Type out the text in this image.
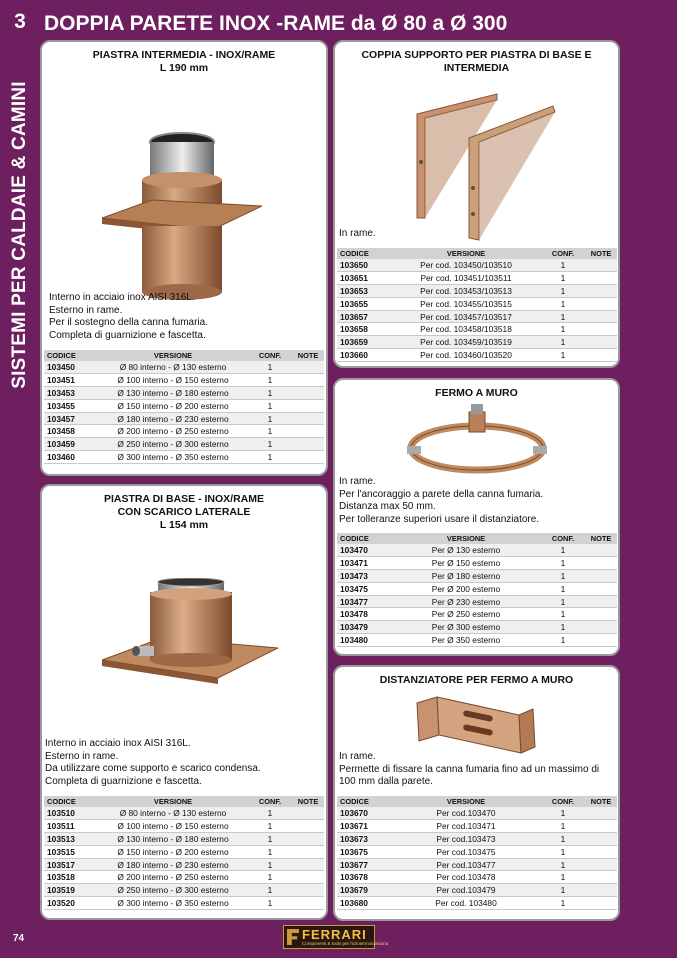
3
SISTEMI PER CALDAIE & CAMINI
DOPPIA PARETE INOX -RAME da Ø 80 a Ø 300
PIASTRA INTERMEDIA - INOX/RAME
L 190 mm
Interno in acciaio inox AISI 316L.
Esterno in rame.
Per il sostegno della canna fumaria.
Completa di guarnizione e fascetta.
CODICE	VERSIONE	CONF.	NOTE
103450	Ø 80 interno - Ø 130 esterno	1	
103451	Ø 100 interno - Ø 150 esterno	1	
103453	Ø 130 interno - Ø 180 esterno	1	
103455	Ø 150 interno - Ø 200 esterno	1	
103457	Ø 180 interno - Ø 230 esterno	1	
103458	Ø 200 interno - Ø 250 esterno	1	
103459	Ø 250 interno - Ø 300 esterno	1	
103460	Ø 300 interno - Ø 350 esterno	1	
PIASTRA DI BASE - INOX/RAME
CON SCARICO LATERALE
L 154 mm
Interno in acciaio inox AISI 316L.
Esterno in rame.
Da utilizzare come supporto e scarico condensa.
Completa di guarnizione e fascetta.
CODICE	VERSIONE	CONF.	NOTE
103510	Ø 80 interno - Ø 130 esterno	1	
103511	Ø 100 interno - Ø 150 esterno	1	
103513	Ø 130 interno - Ø 180 esterno	1	
103515	Ø 150 interno - Ø 200 esterno	1	
103517	Ø 180 interno - Ø 230 esterno	1	
103518	Ø 200 interno - Ø 250 esterno	1	
103519	Ø 250 interno - Ø 300 esterno	1	
103520	Ø 300 interno - Ø 350 esterno	1	
COPPIA SUPPORTO PER PIASTRA DI BASE E
INTERMEDIA
In rame.
CODICE	VERSIONE	CONF.	NOTE
103650	Per cod. 103450/103510	1	
103651	Per cod. 103451/103511	1	
103653	Per cod. 103453/103513	1	
103655	Per cod. 103455/103515	1	
103657	Per cod. 103457/103517	1	
103658	Per cod. 103458/103518	1	
103659	Per cod. 103459/103519	1	
103660	Per cod. 103460/103520	1	
FERMO A MURO
In rame.
Per l'ancoraggio a parete della canna fumaria.
Distanza max 50 mm.
Per tolleranze superiori usare il distanziatore.
CODICE	VERSIONE	CONF.	NOTE
103470	Per Ø 130 esterno	1	
103471	Per Ø 150 esterno	1	
103473	Per Ø 180 esterno	1	
103475	Per Ø 200 esterno	1	
103477	Per Ø 230 esterno	1	
103478	Per Ø 250 esterno	1	
103479	Per Ø 300 esterno	1	
103480	Per Ø 350 esterno	1	
DISTANZIATORE PER FERMO A MURO
In rame.
Permette di fissare la canna fumaria fino ad un massimo di
100 mm dalla parete.
CODICE	VERSIONE	CONF.	NOTE
103670	Per cod.103470	1	
103671	Per cod.103471	1	
103673	Per cod.103473	1	
103675	Per cod.103475	1	
103677	Per cod.103477	1	
103678	Per cod.103478	1	
103679	Per cod.103479	1	
103680	Per cod. 103480	1	
74	FERRARI
Componenti & tools per l'idrotermosanitaria
